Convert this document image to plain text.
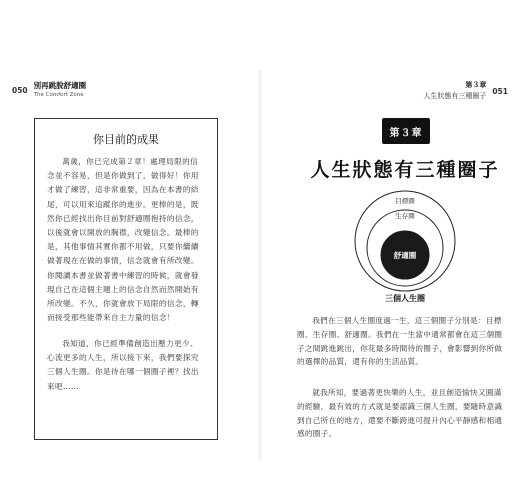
050
別再跳脫舒適圈
The Comfort Zone
你目前的成果

萬歲，你已完成第２章！處理局限的信念並不容易，但是你做到了，做得好！你用才做了練習，這非常重要，因為在本書的結尾，可以用來追蹤你的進步。更棒的是，既然你已經找出你目前對舒適圈抱持的信念，以後就會以開放的胸襟，改變信念。最棒的是，其他事情其實你都不用做，只要你繼續做著現在在做的事情，信念就會有所改變。你閱讀本書並做著書中練習的時候，就會發現自己在這個主題上的信念自然而然開始有所改變。不久，你就會放下局限的信念，轉而接受那些能帶來自主力量的信念！

我知道，你已經準備創造出壓力更少、心流更多的人生，所以接下來，我們要探究三個人生圈。你是待在哪一個圈子裡？找出來吧……

第３章
人生狀態有三種圈子 051
第３章
人生狀態有三種圈子
目標圈
生存圈
舒適圈
三個人生圈

我們在三個人生圈度過一生，這三個圈子分別是：目標圈、生存圈、舒適圈。我們在一生當中通常都會在這三個圈子之間跳進跳出，你花最多時間待的圈子，會影響到你所做的選擇的品質，還有你的生活品質。

就我所知，要過著更快樂的人生，並且創造愉快又圓滿的經驗，最有效的方式就是要認識三個人生圈，要隨時意識到自己所在的地方，還要不斷跨進可提升內心平靜感和相通感的圈子。
